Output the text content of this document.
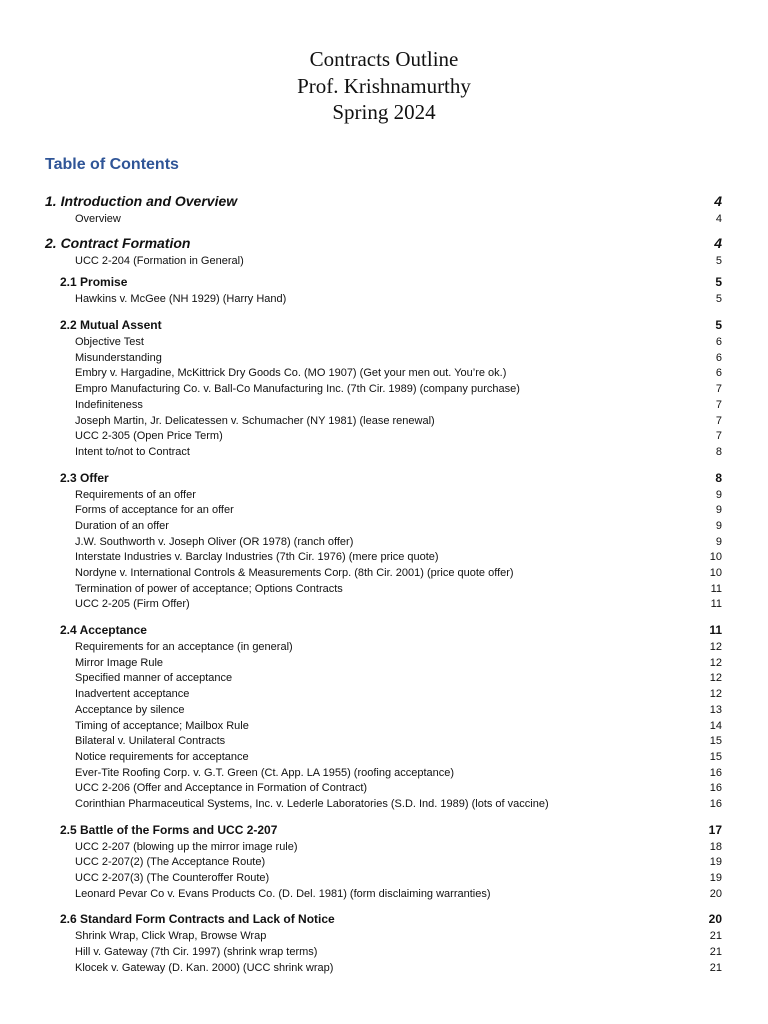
Contracts Outline
Prof. Krishnamurthy
Spring 2024
Table of Contents
1. Introduction and Overview	4
Overview	4
2. Contract Formation	4
UCC 2-204 (Formation in General)	5
2.1 Promise	5
Hawkins v. McGee (NH 1929) (Harry Hand)	5
2.2 Mutual Assent	5
Objective Test	6
Misunderstanding	6
Embry v. Hargadine, McKittrick Dry Goods Co. (MO 1907) (Get your men out. You’re ok.)	6
Empro Manufacturing Co. v. Ball-Co Manufacturing Inc. (7th Cir. 1989) (company purchase)	7
Indefiniteness	7
Joseph Martin, Jr. Delicatessen v. Schumacher (NY 1981) (lease renewal)	7
UCC 2-305 (Open Price Term)	7
Intent to/not to Contract	8
2.3 Offer	8
Requirements of an offer	9
Forms of acceptance for an offer	9
Duration of an offer	9
J.W. Southworth v. Joseph Oliver (OR 1978) (ranch offer)	9
Interstate Industries v. Barclay Industries (7th Cir. 1976) (mere price quote)	10
Nordyne v. International Controls & Measurements Corp. (8th Cir. 2001) (price quote offer)	10
Termination of power of acceptance; Options Contracts	11
UCC 2-205 (Firm Offer)	11
2.4 Acceptance	11
Requirements for an acceptance (in general)	12
Mirror Image Rule	12
Specified manner of acceptance	12
Inadvertent acceptance	12
Acceptance by silence	13
Timing of acceptance; Mailbox Rule	14
Bilateral v. Unilateral Contracts	15
Notice requirements for acceptance	15
Ever-Tite Roofing Corp. v. G.T. Green (Ct. App. LA 1955) (roofing acceptance)	16
UCC 2-206 (Offer and Acceptance in Formation of Contract)	16
Corinthian Pharmaceutical Systems, Inc. v. Lederle Laboratories (S.D. Ind. 1989) (lots of vaccine)	16
2.5 Battle of the Forms and UCC 2-207	17
UCC 2-207 (blowing up the mirror image rule)	18
UCC 2-207(2) (The Acceptance Route)	19
UCC 2-207(3) (The Counteroffer Route)	19
Leonard Pevar Co v. Evans Products Co. (D. Del. 1981) (form disclaiming warranties)	20
2.6 Standard Form Contracts and Lack of Notice	20
Shrink Wrap, Click Wrap, Browse Wrap	21
Hill v. Gateway (7th Cir. 1997) (shrink wrap terms)	21
Klocek v. Gateway (D. Kan. 2000) (UCC shrink wrap)	21
